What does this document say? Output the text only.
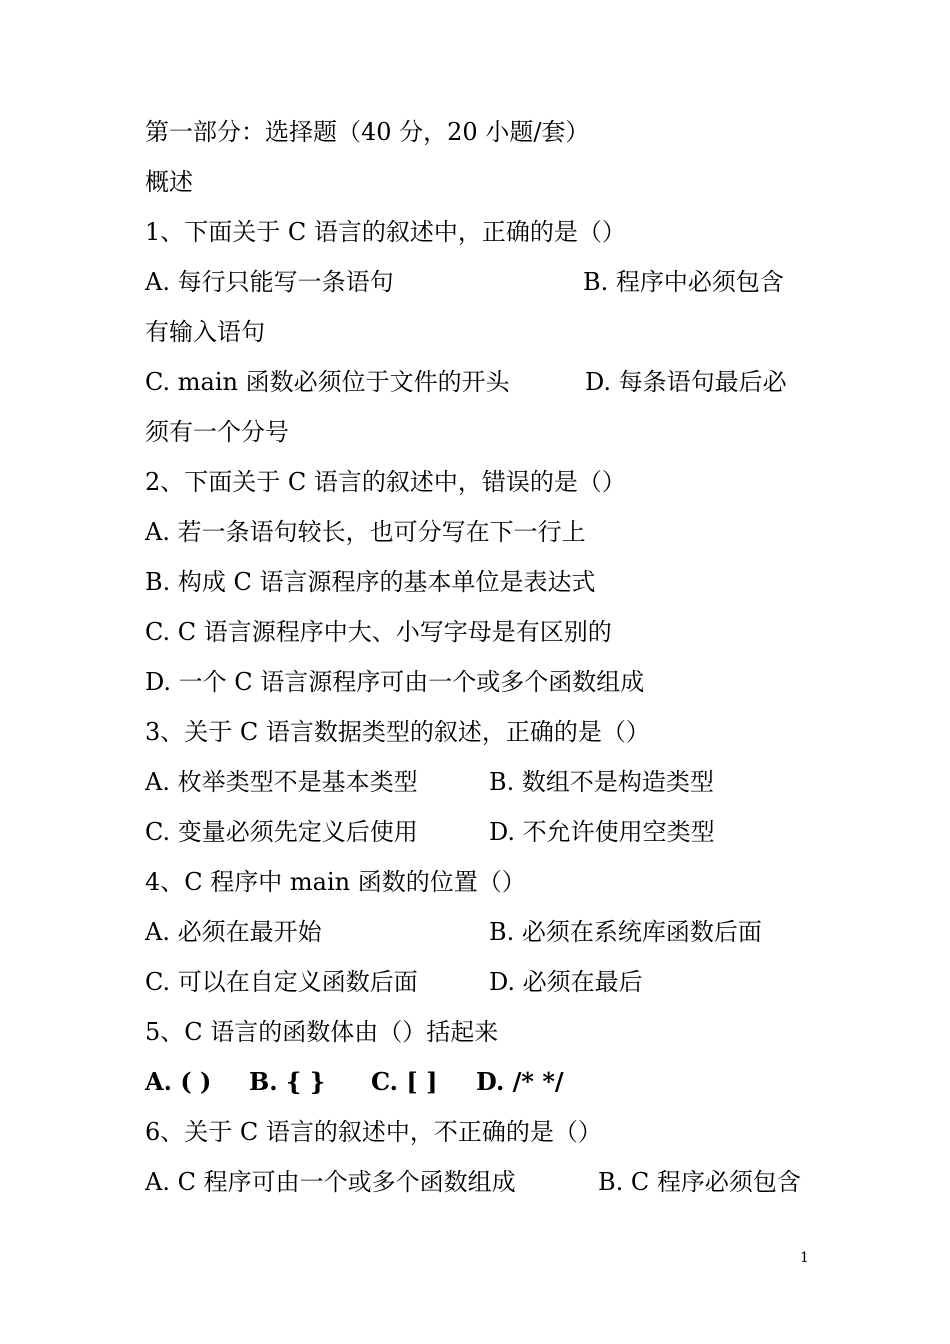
第一部分：选择题（40 分，20 小题/套）
概述
1、下面关于 C 语言的叙述中，正确的是（）
A. 每行只能写一条语句	B. 程序中必须包含
有输入语句
C. main 函数必须位于文件的开头	D. 每条语句最后必
须有一个分号
2、下面关于 C 语言的叙述中，错误的是（）
A. 若一条语句较长，也可分写在下一行上
B. 构成 C 语言源程序的基本单位是表达式
C. C 语言源程序中大、小写字母是有区别的
D. 一个 C 语言源程序可由一个或多个函数组成
3、关于 C 语言数据类型的叙述，正确的是（）
A. 枚举类型不是基本类型	B. 数组不是构造类型
C. 变量必须先定义后使用	D. 不允许使用空类型
4、C 程序中 main 函数的位置（）
A. 必须在最开始	B. 必须在系统库函数后面
C. 可以在自定义函数后面	D. 必须在最后
5、C 语言的函数体由（）括起来
A. ( ) B. { } C. [ ] D. /* */
6、关于 C 语言的叙述中，不正确的是（）
A. C 程序可由一个或多个函数组成	B. C 程序必须包含
1
